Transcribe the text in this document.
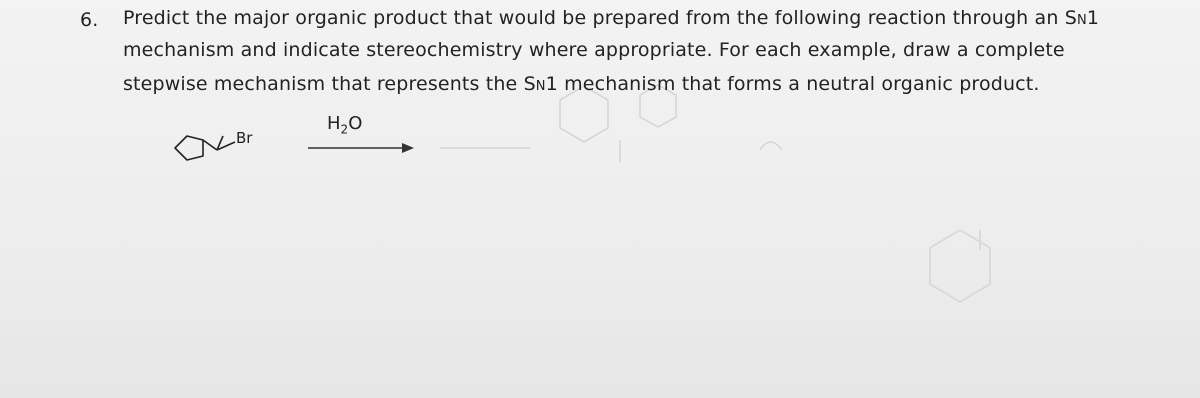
6. Predict the major organic product that would be prepared from the following reaction through an SN1
mechanism and indicate stereochemistry where appropriate. For each example, draw a complete
stepwise mechanism that represents the SN1 mechanism that forms a neutral organic product.
Br
$H_2O$
